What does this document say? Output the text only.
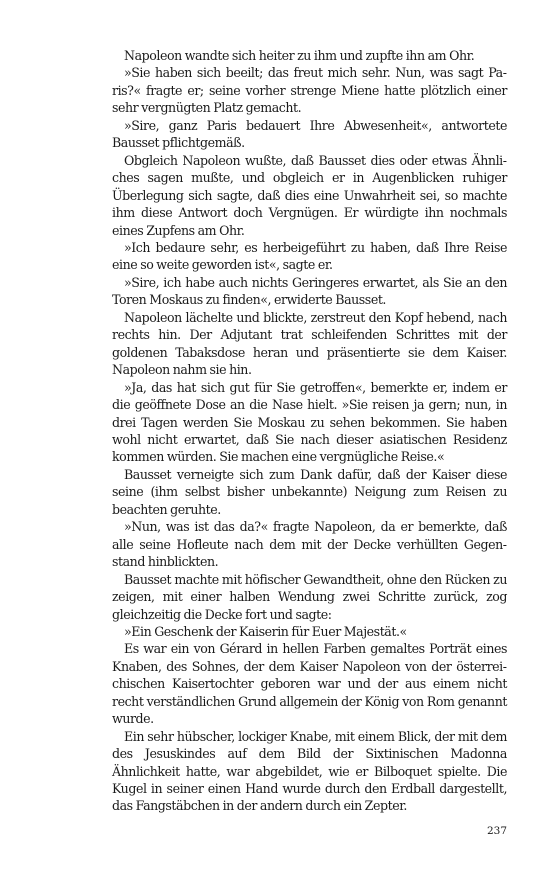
Napoleon wandte sich heiter zu ihm und zupfte ihn am Ohr.

»Sie haben sich beeilt; das freut mich sehr. Nun, was sagt Paris?« fragte er; seine vorher strenge Miene hatte plötzlich einer sehr vergnügten Platz gemacht.

»Sire, ganz Paris bedauert Ihre Abwesenheit«, antwortete Bausset pflichtgemäß.

Obgleich Napoleon wußte, daß Bausset dies oder etwas Ähnliches sagen mußte, und obgleich er in Augenblicken ruhiger Überlegung sich sagte, daß dies eine Unwahrheit sei, so machte ihm diese Antwort doch Vergnügen. Er würdigte ihn nochmals eines Zupfens am Ohr.

»Ich bedaure sehr, es herbeigeführt zu haben, daß Ihre Reise eine so weite geworden ist«, sagte er.

»Sire, ich habe auch nichts Geringeres erwartet, als Sie an den Toren Moskaus zu finden«, erwiderte Bausset.

Napoleon lächelte und blickte, zerstreut den Kopf hebend, nach rechts hin. Der Adjutant trat schleifenden Schrittes mit der goldenen Tabaksdose heran und präsentierte sie dem Kaiser. Napoleon nahm sie hin.

»Ja, das hat sich gut für Sie getroffen«, bemerkte er, indem er die geöffnete Dose an die Nase hielt. »Sie reisen ja gern; nun, in drei Tagen werden Sie Moskau zu sehen bekommen. Sie haben wohl nicht erwartet, daß Sie nach dieser asiatischen Residenz kommen würden. Sie machen eine vergnügliche Reise.«

Bausset verneigte sich zum Dank dafür, daß der Kaiser diese seine (ihm selbst bisher unbekannte) Neigung zum Reisen zu beachten geruhte.

»Nun, was ist das da?« fragte Napoleon, da er bemerkte, daß alle seine Hofleute nach dem mit der Decke verhüllten Gegenstand hinblickten.

Bausset machte mit höfischer Gewandtheit, ohne den Rücken zu zeigen, mit einer halben Wendung zwei Schritte zurück, zog gleichzeitig die Decke fort und sagte:

»Ein Geschenk der Kaiserin für Euer Majestät.«

Es war ein von Gérard in hellen Farben gemaltes Porträt eines Knaben, des Sohnes, der dem Kaiser Napoleon von der österreichischen Kaisertochter geboren war und der aus einem nicht recht verständlichen Grund allgemein der König von Rom genannt wurde.

Ein sehr hübscher, lockiger Knabe, mit einem Blick, der mit dem des Jesuskindes auf dem Bild der Sixtinischen Madonna Ähnlichkeit hatte, war abgebildet, wie er Bilboquet spielte. Die Kugel in seiner einen Hand wurde durch den Erdball dargestellt, das Fangstäbchen in der andern durch ein Zepter.

237
